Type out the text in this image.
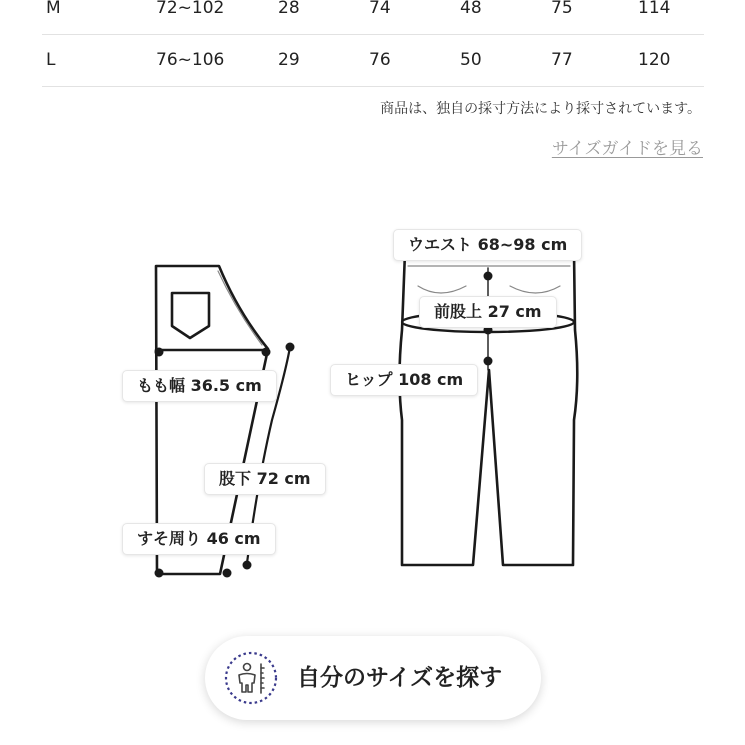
M	72~102	28	74	48	75	114
L	76~106	29	76	50	77	120
商品は、独自の採寸方法により採寸されています。
サイズガイドを見る
ウエスト 68~98 cm
前股上 27 cm
ヒップ 108 cm
もも幅 36.5 cm
股下 72 cm
すそ周り 46 cm
自分のサイズを探す
